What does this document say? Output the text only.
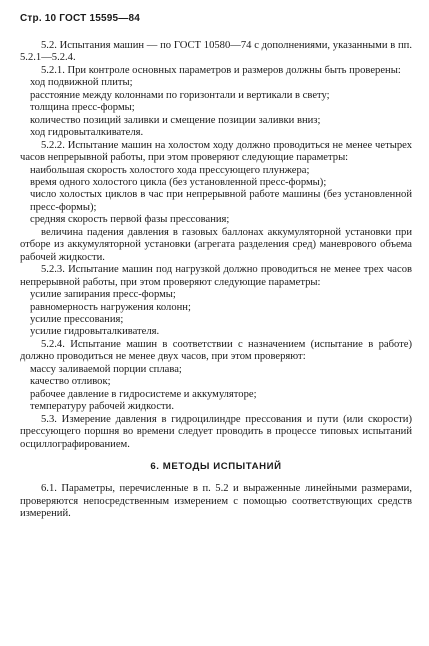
Стр. 10 ГОСТ 15595—84

5.2. Испытания машин — по ГОСТ 10580—74 с дополнениями, указанными в пп. 5.2.1—5.2.4.

5.2.1. При контроле основных параметров и размеров должны быть проверены:

ход подвижной плиты;

расстояние между колоннами по горизонтали и вертикали в свету;

толщина пресс-формы;

количество позиций заливки и смещение позиции заливки вниз;

ход гидровыталкивателя.

5.2.2. Испытание машин на холостом ходу должно проводиться не менее четырех часов непрерывной работы, при этом проверяют следующие параметры:

наибольшая скорость холостого хода прессующего плунжера;

время одного холостого цикла (без установленной пресс-формы);

число холостых циклов в час при непрерывной работе машины (без установленной пресс-формы);

средняя скорость первой фазы прессования;

величина падения давления в газовых баллонах аккумуляторной установки при отборе из аккумуляторной установки (агрегата разделения сред) маневрового объема рабочей жидкости.

5.2.3. Испытание машин под нагрузкой должно проводиться не менее трех часов непрерывной работы, при этом проверяют следующие параметры:

усилие запирания пресс-формы;

равномерность нагружения колонн;

усилие прессования;

усилие гидровыталкивателя.

5.2.4. Испытание машин в соответствии с назначением (испытание в работе) должно проводиться не менее двух часов, при этом проверяют:

массу заливаемой порции сплава;

качество отливок;

рабочее давление в гидросистеме и аккумуляторе;

температуру рабочей жидкости.

5.3. Измерение давления в гидроцилиндре прессования и пути (или скорости) прессующего поршня во времени следует проводить в процессе типовых испытаний осциллографированием.

6. МЕТОДЫ ИСПЫТАНИЙ

6.1. Параметры, перечисленные в п. 5.2 и выраженные линейными размерами, проверяются непосредственным измерением с помощью соответствующих средств измерений.
